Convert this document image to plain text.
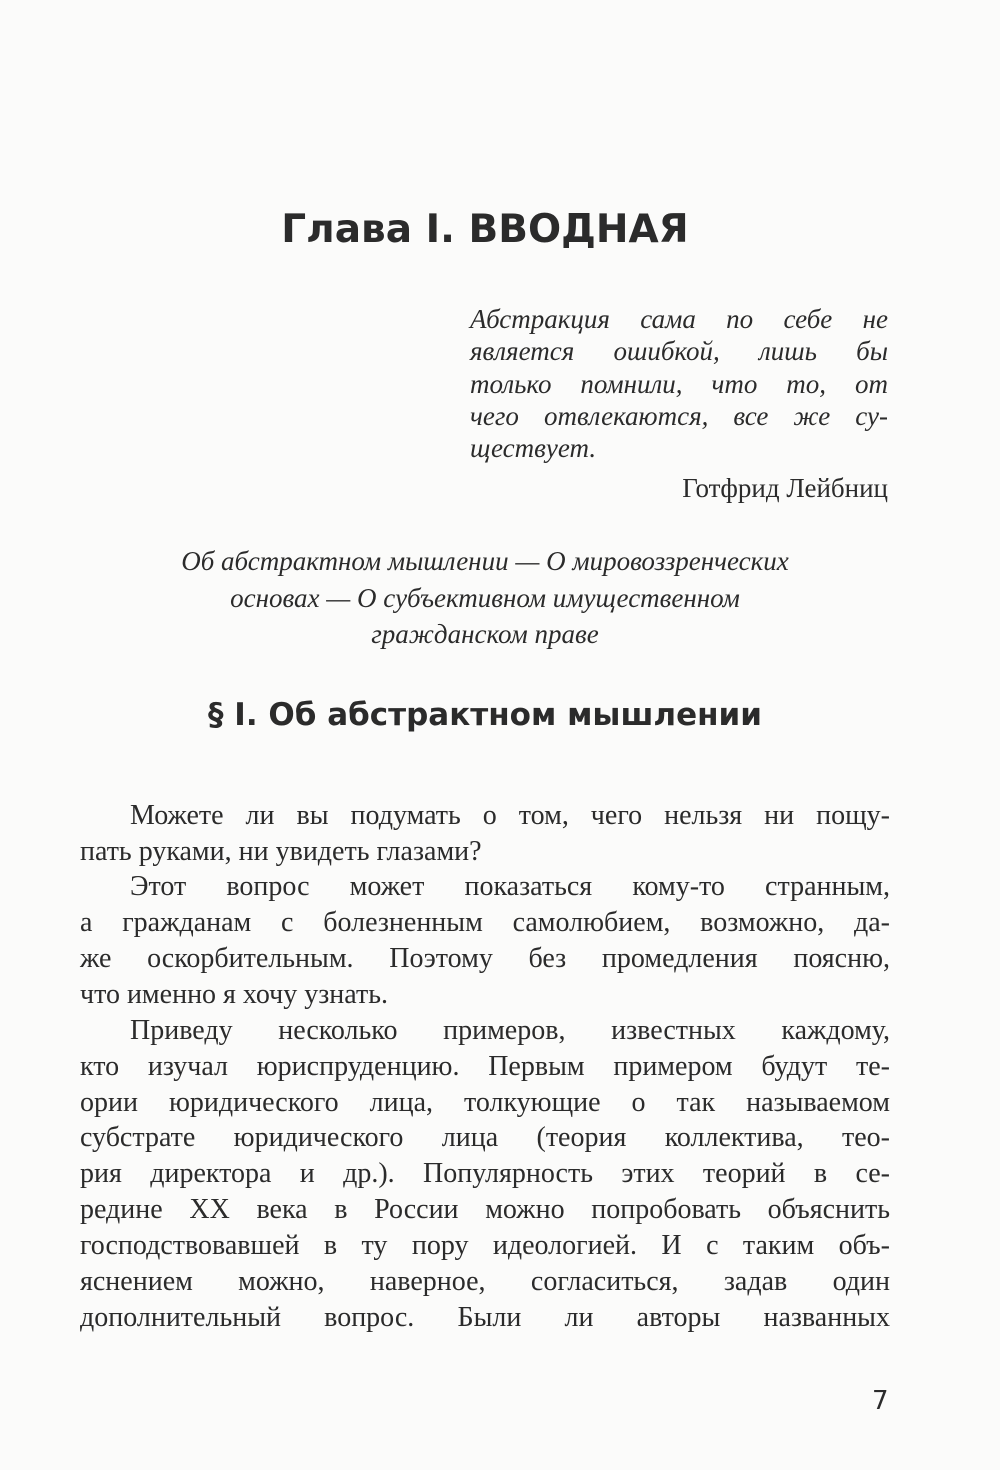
Глава I. ВВОДНАЯ
Абстракция сама по себе не
является ошибкой, лишь бы
только помнили, что то, от
чего отвлекаются, все же су-
ществует.
Готфрид Лейбниц
Об абстрактном мышлении — О мировоззренческих
основах — О субъективном имущественном
гражданском праве
§ I. Об абстрактном мышлении
Можете ли вы подумать о том, чего нельзя ни пощу-
пать руками, ни увидеть глазами?
Этот вопрос может показаться кому-то странным,
а гражданам с болезненным самолюбием, возможно, да-
же оскорбительным. Поэтому без промедления поясню,
что именно я хочу узнать.
Приведу несколько примеров, известных каждому,
кто изучал юриспруденцию. Первым примером будут те-
ории юридического лица, толкующие о так называемом
субстрате юридического лица (теория коллектива, тео-
рия директора и др.). Популярность этих теорий в се-
редине XX века в России можно попробовать объяснить
господствовавшей в ту пору идеологией. И с таким объ-
яснением можно, наверное, согласиться, задав один
дополнительный вопрос. Были ли авторы названных
7
